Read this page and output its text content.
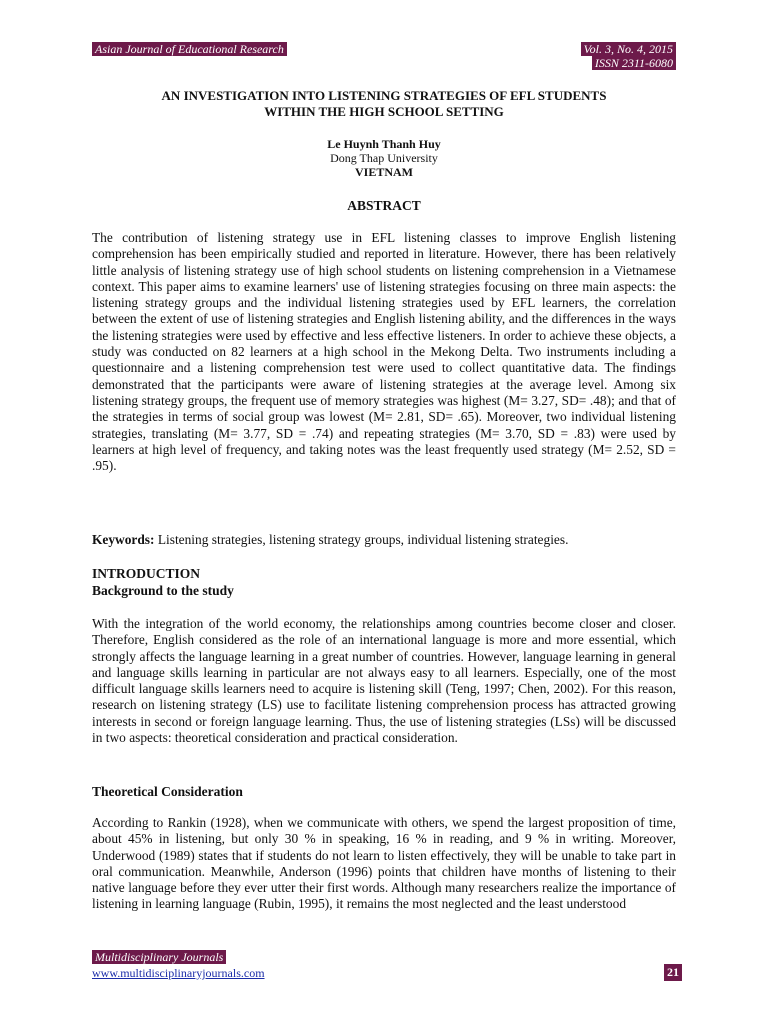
Asian Journal of Educational Research	Vol. 3, No. 4, 2015
ISSN 2311-6080
AN INVESTIGATION INTO LISTENING STRATEGIES OF EFL STUDENTS
WITHIN THE HIGH SCHOOL SETTING
Le Huynh Thanh Huy
Dong Thap University
VIETNAM
ABSTRACT
The contribution of listening strategy use in EFL listening classes to improve English listening comprehension has been empirically studied and reported in literature. However, there has been relatively little analysis of listening strategy use of high school students on listening comprehension in a Vietnamese context. This paper aims to examine learners' use of listening strategies focusing on three main aspects: the listening strategy groups and the individual listening strategies used by EFL learners, the correlation between the extent of use of listening strategies and English listening ability, and the differences in the ways the listening strategies were used by effective and less effective listeners. In order to achieve these objects, a study was conducted on 82 learners at a high school in the Mekong Delta. Two instruments including a questionnaire and a listening comprehension test were used to collect quantitative data. The findings demonstrated that the participants were aware of listening strategies at the average level. Among six listening strategy groups, the frequent use of memory strategies was highest (M= 3.27, SD= .48); and that of the strategies in terms of social group was lowest (M= 2.81, SD= .65). Moreover, two individual listening strategies, translating (M= 3.77, SD = .74) and repeating strategies (M= 3.70, SD = .83) were used by learners at high level of frequency, and taking notes was the least frequently used strategy (M= 2.52, SD = .95).
Keywords: Listening strategies, listening strategy groups, individual listening strategies.
INTRODUCTION
Background to the study
With the integration of the world economy, the relationships among countries become closer and closer. Therefore, English considered as the role of an international language is more and more essential, which strongly affects the language learning in a great number of countries. However, language learning in general and language skills learning in particular are not always easy to all learners. Especially, one of the most difficult language skills learners need to acquire is listening skill (Teng, 1997; Chen, 2002). For this reason, research on listening strategy (LS) use to facilitate listening comprehension process has attracted growing interests in second or foreign language learning. Thus, the use of listening strategies (LSs) will be discussed in two aspects: theoretical consideration and practical consideration.
Theoretical Consideration
According to Rankin (1928), when we communicate with others, we spend the largest proposition of time, about 45% in listening, but only 30 % in speaking, 16 % in reading, and 9 % in writing. Moreover, Underwood (1989) states that if students do not learn to listen effectively, they will be unable to take part in oral communication. Meanwhile, Anderson (1996) points that children have months of listening to their native language before they ever utter their first words. Although many researchers realize the importance of listening in learning language (Rubin, 1995), it remains the most neglected and the least understood
Multidisciplinary Journals
www.multidisciplinaryjournals.com	21
